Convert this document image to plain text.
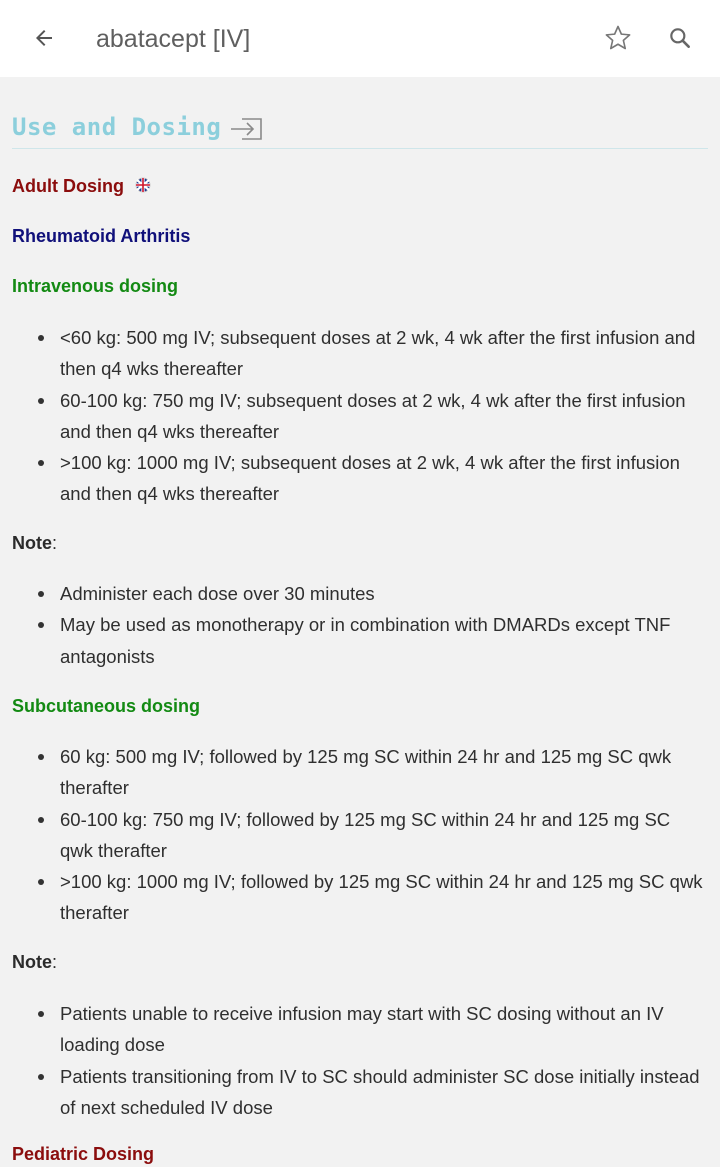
abatacept [IV]
Use and Dosing
Adult Dosing
Rheumatoid Arthritis
Intravenous dosing
<60 kg: 500 mg IV; subsequent doses at 2 wk, 4 wk after the first infusion and then q4 wks thereafter
60-100 kg: 750 mg IV; subsequent doses at 2 wk, 4 wk after the first infusion and then q4 wks thereafter
>100 kg: 1000 mg IV; subsequent doses at 2 wk, 4 wk after the first infusion and then q4 wks thereafter
Note:
Administer each dose over 30 minutes
May be used as monotherapy or in combination with DMARDs except TNF antagonists
Subcutaneous dosing
60 kg: 500 mg IV; followed by 125 mg SC within 24 hr and 125 mg SC qwk therafter
60-100 kg: 750 mg IV; followed by 125 mg SC within 24 hr and 125 mg SC qwk therafter
>100 kg: 1000 mg IV; followed by 125 mg SC within 24 hr and 125 mg SC qwk therafter
Note:
Patients unable to receive infusion may start with SC dosing without an IV loading dose
Patients transitioning from IV to SC should administer SC dose initially instead of next scheduled IV dose
Pediatric Dosing
